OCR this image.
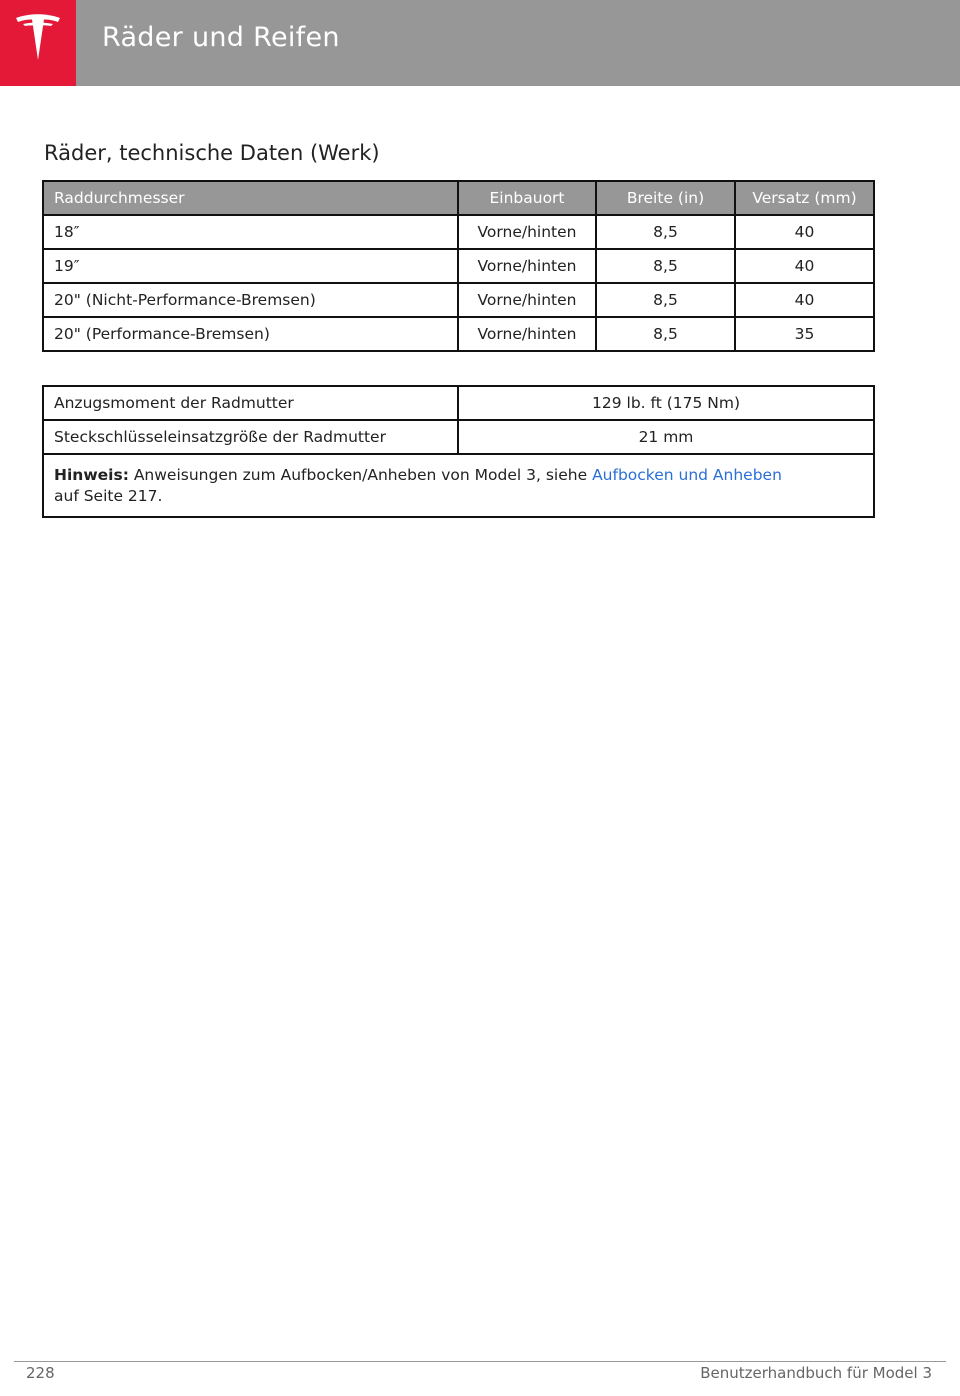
Räder und Reifen
Räder, technische Daten (Werk)
Raddurchmesser	Einbauort	Breite (in)	Versatz (mm)
18″	Vorne/hinten	8,5	40
19″	Vorne/hinten	8,5	40
20" (Nicht-Performance-Bremsen)	Vorne/hinten	8,5	40
20" (Performance-Bremsen)	Vorne/hinten	8,5	35
Anzugsmoment der Radmutter	129 lb. ft (175 Nm)
Steckschlüsseleinsatzgröße der Radmutter	21 mm
Hinweis: Anweisungen zum Aufbocken/Anheben von Model 3, siehe Aufbocken und Anheben
auf Seite 217.	
228	Benutzerhandbuch für Model 3
